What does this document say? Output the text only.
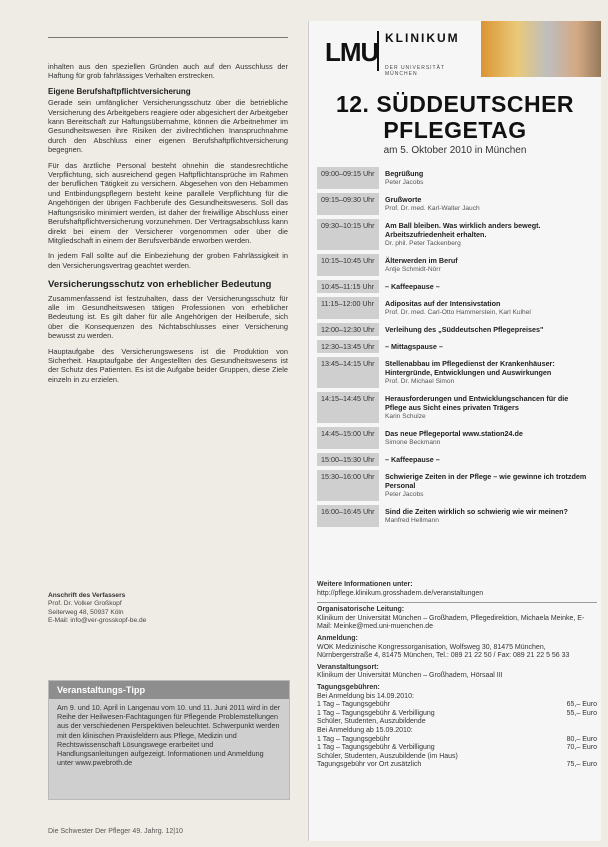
inhalten aus den speziellen Gründen auch auf den Ausschluss der Haftung für grob fahrlässiges Verhalten erstrecken.

Eigene Berufshaftpflichtversicherung

Gerade sein umfänglicher Versicherungsschutz über die betriebliche Versicherung des Arbeitgebers reagiere oder abgesichert der Arbeitgeber kann Bereitschaft zur Haftungsübernahme, können die Arbeitnehmer im Gesundheitswesen ihre Risiken der zivilrechtlichen Inanspruchnahme durch den Abschluss einer eigenen Berufshaftpflichtversicherung begegnen.

Für das ärztliche Personal besteht ohnehin die standesrechtliche Verpflichtung, sich ausreichend gegen Haftpflichtansprüche im Rahmen der beruflichen Tätigkeit zu versichern. Abgesehen von den Hebammen und Entbindungspflegern besteht keine parallele Verpflichtung für die Angehörigen der übrigen Fachberufe des Gesundheitswesens. Soll das Haftungsrisiko minimiert werden, ist daher der freiwillige Abschluss einer Berufshaftpflichtversicherung vorzunehmen. Der Vertragsabschluss kann direkt bei einem der Versicherer vorgenommen oder über die Mitgliedschaft in einem der Berufsverbände erworben werden.

In jedem Fall sollte auf die Einbeziehung der groben Fahrlässigkeit in den Versicherungsvertrag geachtet werden.

Versicherungsschutz von erheblicher Bedeutung

Zusammenfassend ist festzuhalten, dass der Versicherungsschutz für alle im Gesundheitswesen tätigen Professionen von erheblicher Bedeutung ist. Es gilt daher für alle Angehörigen der Heilberufe, sich über die Konsequenzen des Nichtabschlusses einer Versicherung bewusst zu werden.

Hauptaufgabe des Versicherungswesens ist die Produktion von Sicherheit. Hauptaufgabe der Angestellten des Gesundheitswesens ist der Schutz des Patienten. Es ist die Aufgabe beider Gruppen, diese Ziele einzeln in zu erzielen.

Anschrift des Verfassers
Prof. Dr. Volker Großkopf
Seiterweg 48, 50937 Köln
E-Mail: info@ver-grosskopf-be.de
Veranstaltungs-Tipp
Am 9. und 10. April in Langenau vom 10. und 11. Juni 2011 wird in der Reihe der Heilwesen-Fachtagungen für Pflegende Problemstellungen aus der verschiedenen Perspektiven beleuchtet. Schwerpunkt werden mit den klinischen Praxisfeldern aus Pflege, Medizin und Rechtswissenschaft Lösungswege erarbeitet und Handlungsanleitungen aufgezeigt. Informationen und Anmeldung unter www.pwebroth.de
Die Schwester Der Pfleger 49. Jahrg. 12|10
LMU KLINIKUM
DER UNIVERSITÄT MÜNCHEN
12. SÜDDEUTSCHER
PFLEGETAG
am 5. Oktober 2010 in München
09:00–09:15 Uhr	Begrüßung
Peter Jacobs
09:15–09:30 Uhr	Grußworte
Prof. Dr. med. Karl-Walter Jauch
09:30–10:15 Uhr	Am Ball bleiben. Was wirklich anders bewegt. Arbeitszufriedenheit erhalten.
Dr. phil. Peter Tackenberg
10:15–10:45 Uhr	Älterwerden im Beruf
Antje Schmidt-Nörr
10:45–11:15 Uhr	– Kaffeepause –
11:15–12:00 Uhr	Adipositas auf der Intensivstation
Prof. Dr. med. Carl-Otto Hammerstein, Karl Kulhel
12:00–12:30 Uhr	Verleihung des „Süddeutschen Pflegepreises"
12:30–13:45 Uhr	– Mittagspause –
13:45–14:15 Uhr	Stellenabbau im Pflegedienst der Krankenhäuser: Hintergründe, Entwicklungen und Auswirkungen
Prof. Dr. Michael Simon
14:15–14:45 Uhr	Herausforderungen und Entwicklungschancen für die Pflege aus Sicht eines privaten Trägers
Karin Schulze
14:45–15:00 Uhr	Das neue Pflegeportal www.station24.de
Simone Beckmann
15:00–15:30 Uhr	– Kaffeepause –
15:30–16:00 Uhr	Schwierige Zeiten in der Pflege – wie gewinne ich trotzdem Personal
Peter Jacobs
16:00–16:45 Uhr	Sind die Zeiten wirklich so schwierig wie wir meinen?
Manfred Hellmann
Weitere Informationen unter:
http://pflege.klinikum.grosshadern.de/veranstaltungen
Organisatorische Leitung:
Klinikum der Universität München – Großhadern, Pflegedirektion, Michaela Meinke, E-Mail: Meinke@med.uni-muenchen.de
Anmeldung:
WOK Medizinische Kongressorganisation, Wolfsweg 30, 81475 München, Nürnbergerstraße 4, 81475 München, Tel.: 089 21 22 50 / Fax: 089 21 22 5 56 33
Veranstaltungsort:
Klinikum der Universität München – Großhadern, Hörsaal III
Tagungsgebühren:
Bei Anmeldung bis 14.09.2010:
1 Tag – Tagungsgebühr	65,– Euro
1 Tag – Tagungsgebühr & Verbilligung	55,– Euro
Schüler, Studenten, Auszubildende
Bei Anmeldung ab 15.09.2010:
1 Tag – Tagungsgebühr	80,– Euro
1 Tag – Tagungsgebühr & Verbilligung	70,– Euro
Schüler, Studenten, Auszubildende (im Haus)
Tagungsgebühr vor Ort zusätzlich	75,– Euro
